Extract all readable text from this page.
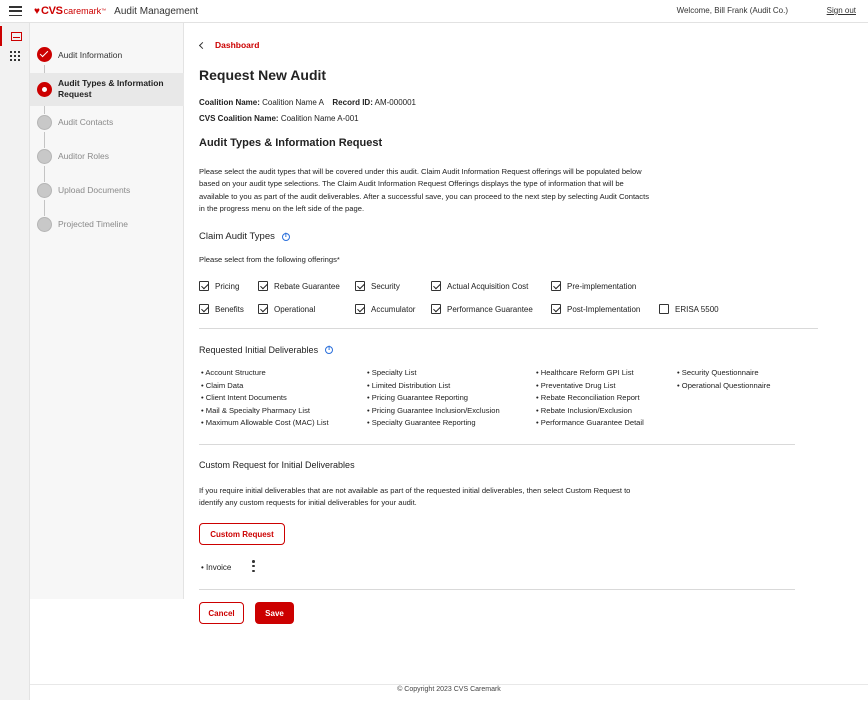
♥ CVS caremark ™ Audit Management	Welcome, Bill Frank (Audit Co.)	Sign out
Audit Information
Audit Types & Information Request
Audit Contacts
Auditor Roles
Upload Documents
Projected Timeline
Dashboard
Request New Audit
Coalition Name: Coalition Name A Record ID: AM-000001
CVS Coalition Name: Coalition Name A-001
Audit Types & Information Request
Please select the audit types that will be covered under this audit. Claim Audit Information Request offerings will be populated below based on your audit type selections. The Claim Audit Information Request Offerings displays the type of information that will be available to you as part of the audit deliverables. After a successful save, you can proceed to the next step by selecting Audit Contacts in the progress menu on the left side of the page.
Claim Audit Types
i
Please select from the following offerings*
Pricing	Rebate Guarantee	Security	Actual Acquisition Cost	Pre-implementation
Benefits	Operational	Accumulator	Performance Guarantee	Post-Implementation	ERISA 5500
Requested Initial Deliverables
i
• Account Structure
• Claim Data
• Client Intent Documents
• Mail & Specialty Pharmacy List
• Maximum Allowable Cost (MAC) List
• Specialty List
• Limited Distribution List
• Pricing Guarantee Reporting
• Pricing Guarantee Inclusion/Exclusion
• Specialty Guarantee Reporting
• Healthcare Reform GPI List
• Preventative Drug List
• Rebate Reconciliation Report
• Rebate Inclusion/Exclusion
• Performance Guarantee Detail
• Security Questionnaire
• Operational Questionnaire
Custom Request for Initial Deliverables
If you require initial deliverables that are not available as part of the requested initial deliverables, then select Custom Request to identify any custom requests for initial deliverables for your audit.
Custom Request
• Invoice
Cancel	Save
© Copyright 2023 CVS Caremark
